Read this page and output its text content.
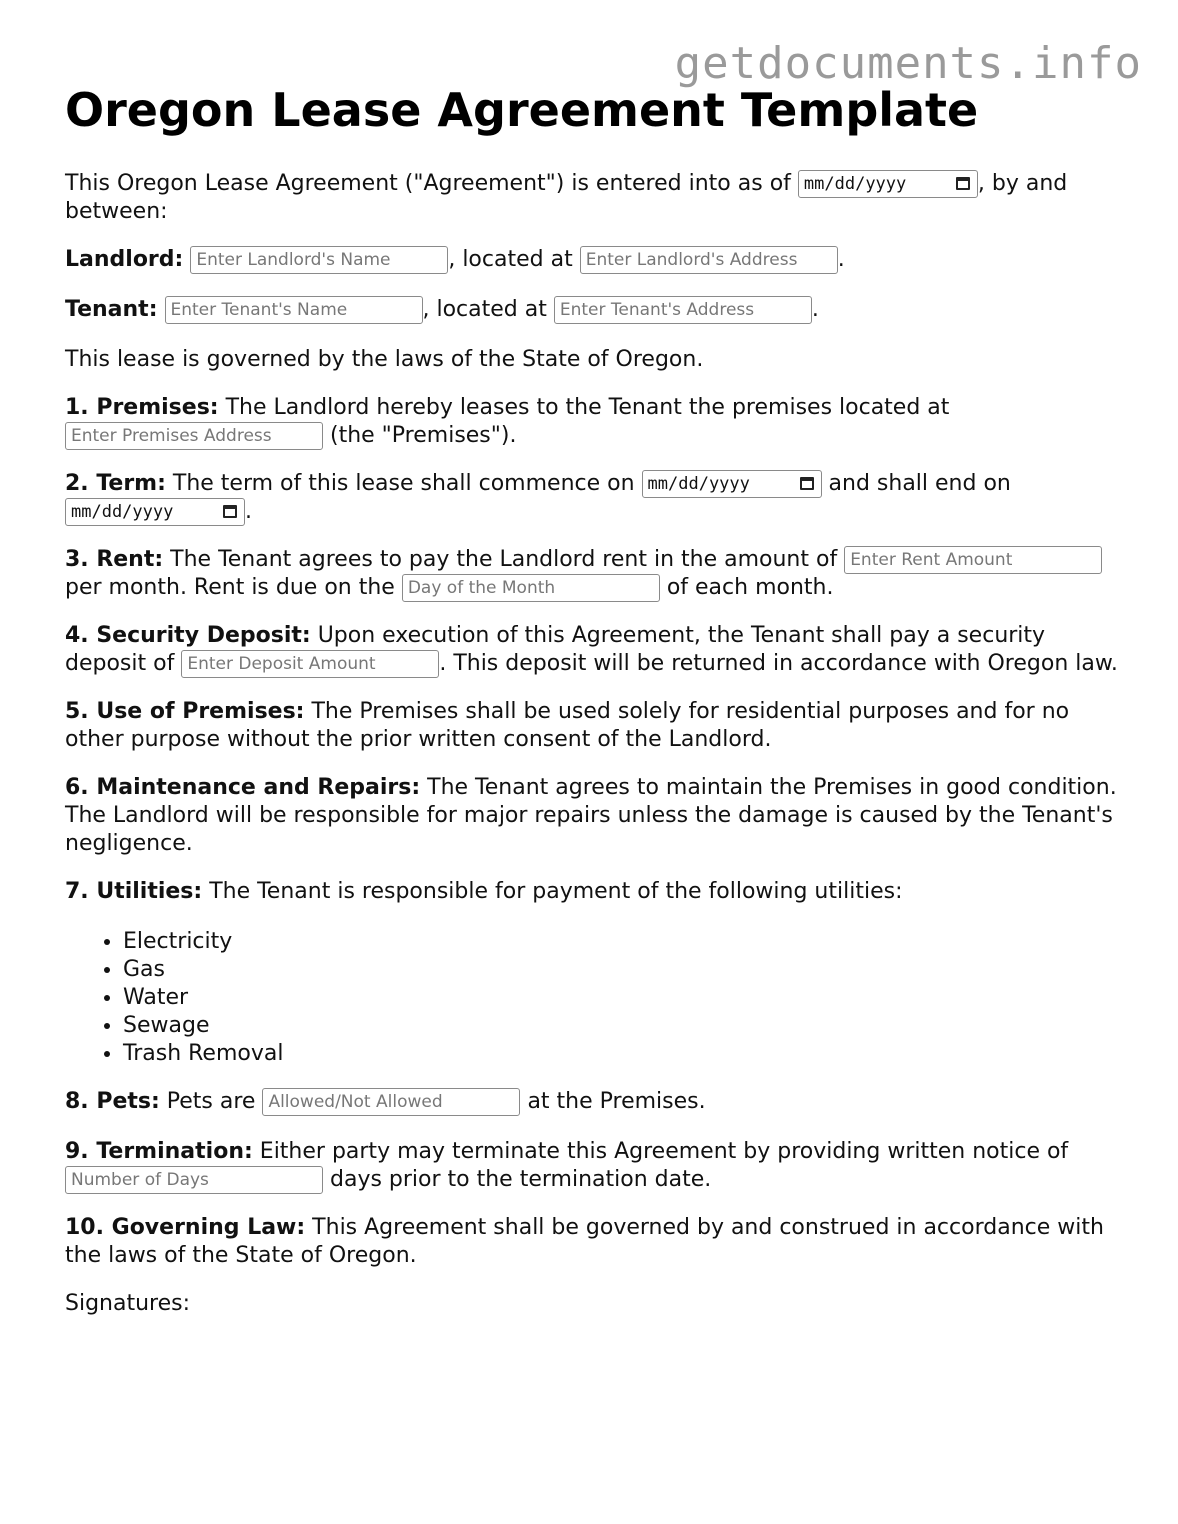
getdocuments.info
Oregon Lease Agreement Template

This Oregon Lease Agreement ("Agreement") is entered into as of mm/dd/yyyy	, by and between:

Landlord: Enter Landlord's Name	, located at Enter Landlord's Address .

Tenant: Enter Tenant's Name	, located at Enter Tenant's Address	.

This lease is governed by the laws of the State of Oregon.

1. Premises: The Landlord hereby leases to the Tenant the premises located at Enter Premises Address (the "Premises").

2. Term: The term of this lease shall commence on mm/dd/yyyy	and shall end on mm/dd/yyyy	.

3. Rent: The Tenant agrees to pay the Landlord rent in the amount of Enter Rent Amount per month. Rent is due on the Day of the Month	of each month.

4. Security Deposit: Upon execution of this Agreement, the Tenant shall pay a security deposit of Enter Deposit Amount	. This deposit will be returned in accordance with Oregon law.

5. Use of Premises: The Premises shall be used solely for residential purposes and for no other purpose without the prior written consent of the Landlord.

6. Maintenance and Repairs: The Tenant agrees to maintain the Premises in good condition. The Landlord will be responsible for major repairs unless the damage is caused by the Tenant's negligence.

7. Utilities: The Tenant is responsible for payment of the following utilities:

• Electricity
• Gas
• Water
• Sewage
• Trash Removal

8. Pets: Pets are Allowed/Not Allowed	at the Premises.

9. Termination: Either party may terminate this Agreement by providing written notice of Number of Days	days prior to the termination date.

10. Governing Law: This Agreement shall be governed by and construed in accordance with the laws of the State of Oregon.

Signatures:
